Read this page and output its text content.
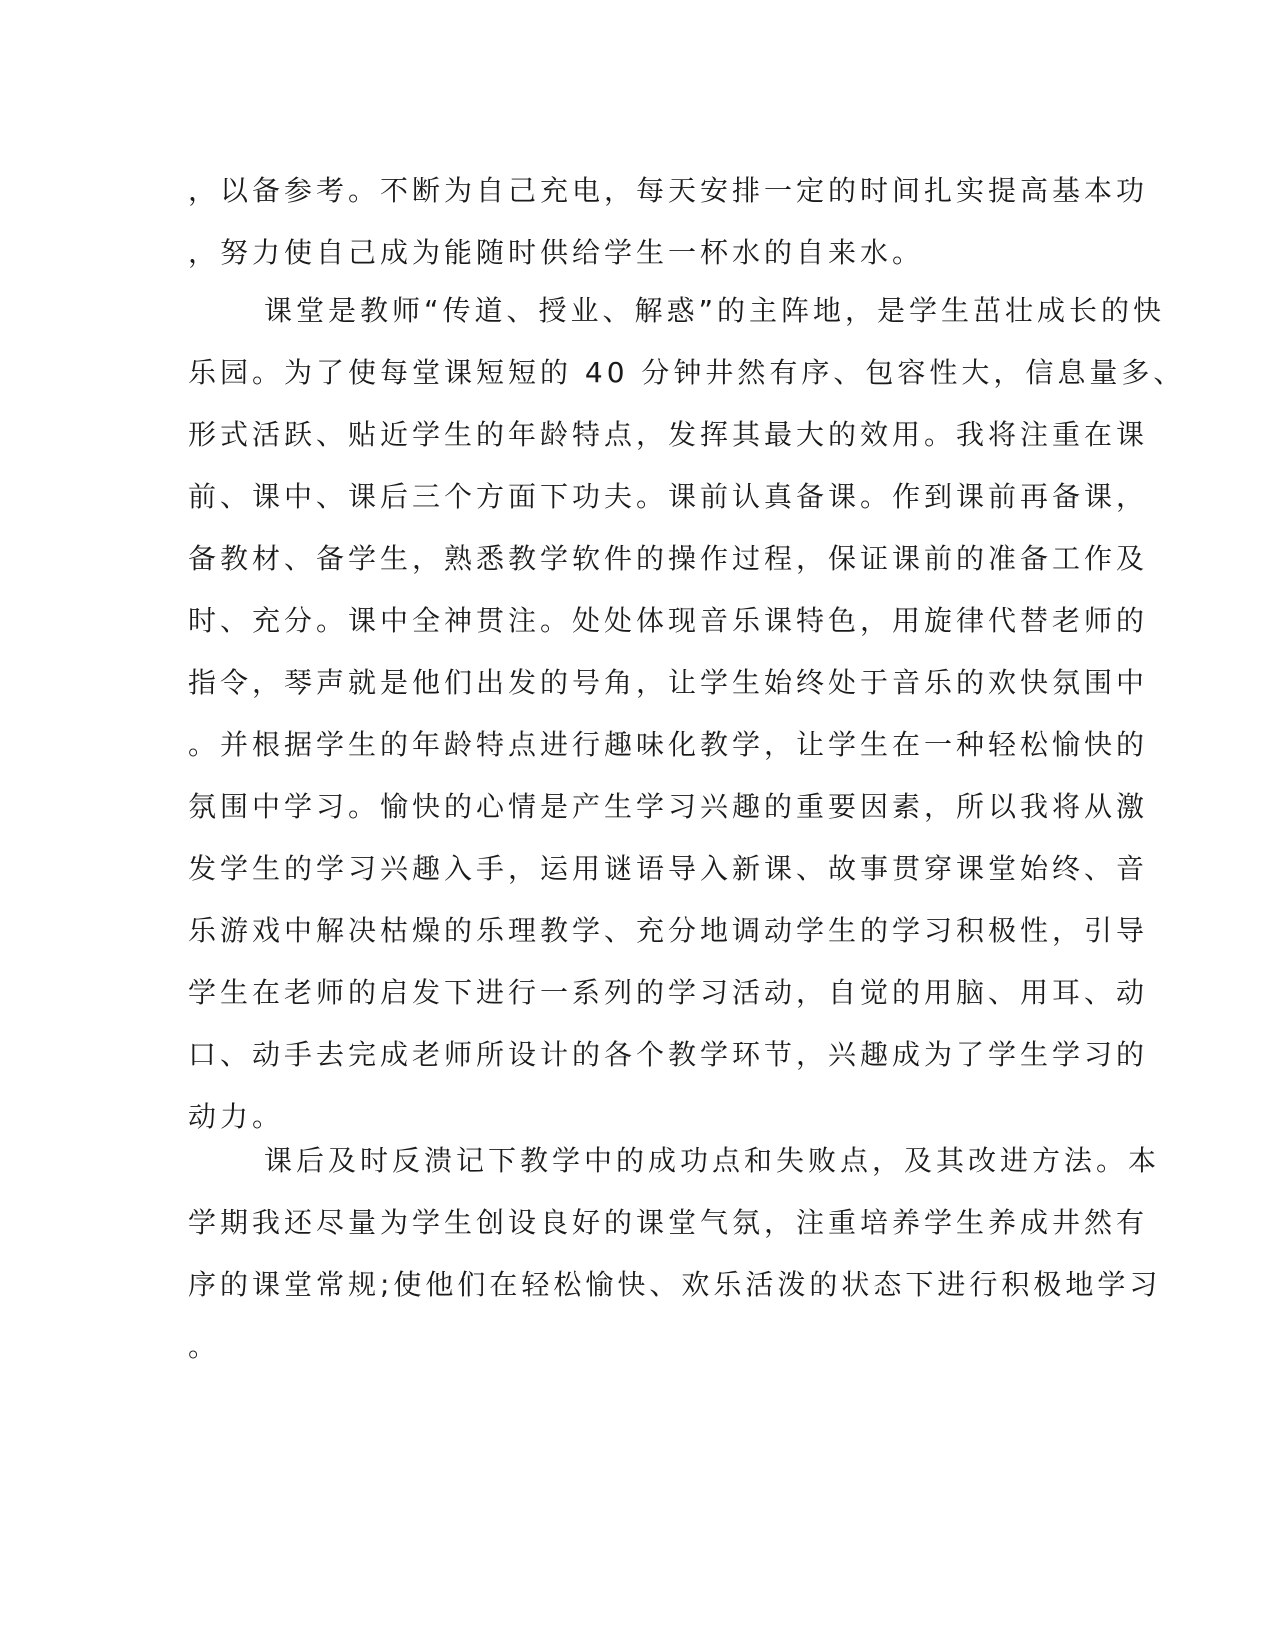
，以备参考。不断为自己充电，每天安排一定的时间扎实提高基本功
，努力使自己成为能随时供给学生一杯水的自来水。
课堂是教师“传道、授业、解惑”的主阵地，是学生茁壮成长的快
乐园。为了使每堂课短短的 40 分钟井然有序、包容性大，信息量多、
形式活跃、贴近学生的年龄特点，发挥其最大的效用。我将注重在课
前、课中、课后三个方面下功夫。课前认真备课。作到课前再备课，
备教材、备学生，熟悉教学软件的操作过程，保证课前的准备工作及
时、充分。课中全神贯注。处处体现音乐课特色，用旋律代替老师的
指令，琴声就是他们出发的号角，让学生始终处于音乐的欢快氛围中
。并根据学生的年龄特点进行趣味化教学，让学生在一种轻松愉快的
氛围中学习。愉快的心情是产生学习兴趣的重要因素，所以我将从激
发学生的学习兴趣入手，运用谜语导入新课、故事贯穿课堂始终、音
乐游戏中解决枯燥的乐理教学、充分地调动学生的学习积极性，引导
学生在老师的启发下进行一系列的学习活动，自觉的用脑、用耳、动
口、动手去完成老师所设计的各个教学环节，兴趣成为了学生学习的
动力。
课后及时反溃记下教学中的成功点和失败点，及其改进方法。本
学期我还尽量为学生创设良好的课堂气氛，注重培养学生养成井然有
序的课堂常规;使他们在轻松愉快、欢乐活泼的状态下进行积极地学习
。
